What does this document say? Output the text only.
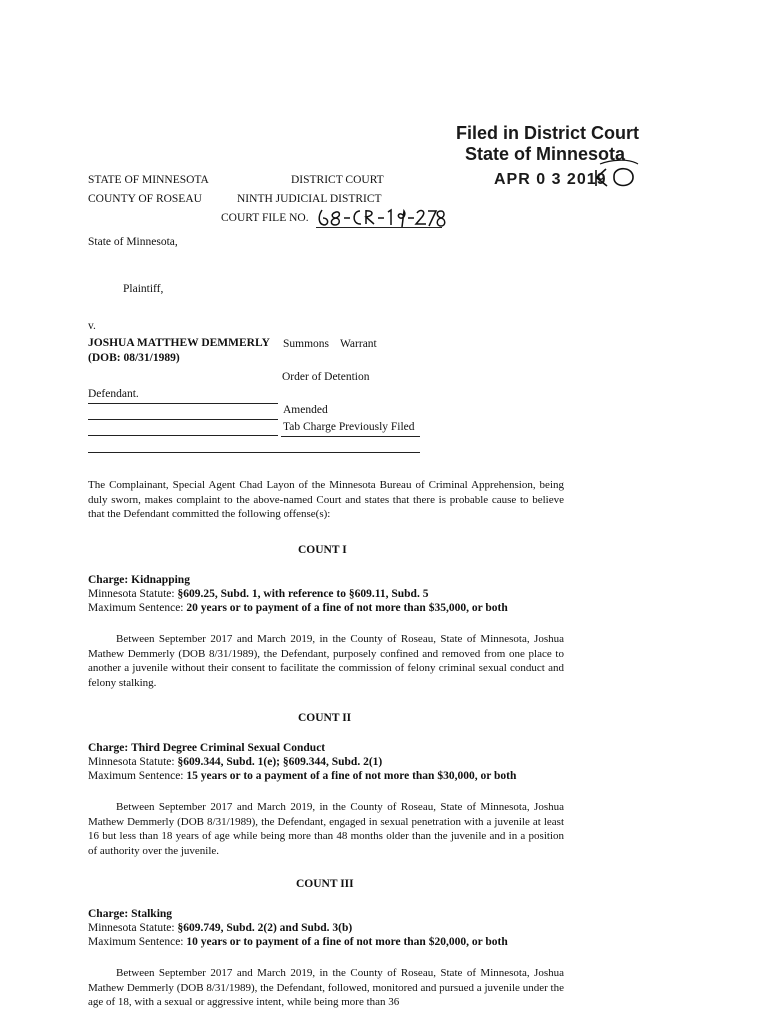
Filed in District Court
State of Minnesota
APR 0 3 2019
STATE OF MINNESOTA
COUNTY OF ROSEAU
DISTRICT COURT
NINTH JUDICIAL DISTRICT
COURT FILE NO.
State of Minnesota,
Plaintiff,
v.
JOSHUA MATTHEW DEMMERLY Summons Warrant
(DOB: 08/31/1989)
Order of Detention
Defendant.
Amended
Tab Charge Previously Filed
The Complainant, Special Agent Chad Layon of the Minnesota Bureau of Criminal Apprehension, being duly sworn, makes complaint to the above-named Court and states that there is probable cause to believe that the Defendant committed the following offense(s):
COUNT I
Charge: Kidnapping
Minnesota Statute: §609.25, Subd. 1, with reference to §609.11, Subd. 5
Maximum Sentence: 20 years or to payment of a fine of not more than $35,000, or both
Between September 2017 and March 2019, in the County of Roseau, State of Minnesota, Joshua Mathew Demmerly (DOB 8/31/1989), the Defendant, purposely confined and removed from one place to another a juvenile without their consent to facilitate the commission of felony criminal sexual conduct and felony stalking.
COUNT II
Charge: Third Degree Criminal Sexual Conduct
Minnesota Statute: §609.344, Subd. 1(e); §609.344, Subd. 2(1)
Maximum Sentence: 15 years or to a payment of a fine of not more than $30,000, or both
Between September 2017 and March 2019, in the County of Roseau, State of Minnesota, Joshua Mathew Demmerly (DOB 8/31/1989), the Defendant, engaged in sexual penetration with a juvenile at least 16 but less than 18 years of age while being more than 48 months older than the juvenile and in a position of authority over the juvenile.
COUNT III
Charge: Stalking
Minnesota Statute: §609.749, Subd. 2(2) and Subd. 3(b)
Maximum Sentence: 10 years or to payment of a fine of not more than $20,000, or both
Between September 2017 and March 2019, in the County of Roseau, State of Minnesota, Joshua Mathew Demmerly (DOB 8/31/1989), the Defendant, followed, monitored and pursued a juvenile under the age of 18, with a sexual or aggressive intent, while being more than 36
